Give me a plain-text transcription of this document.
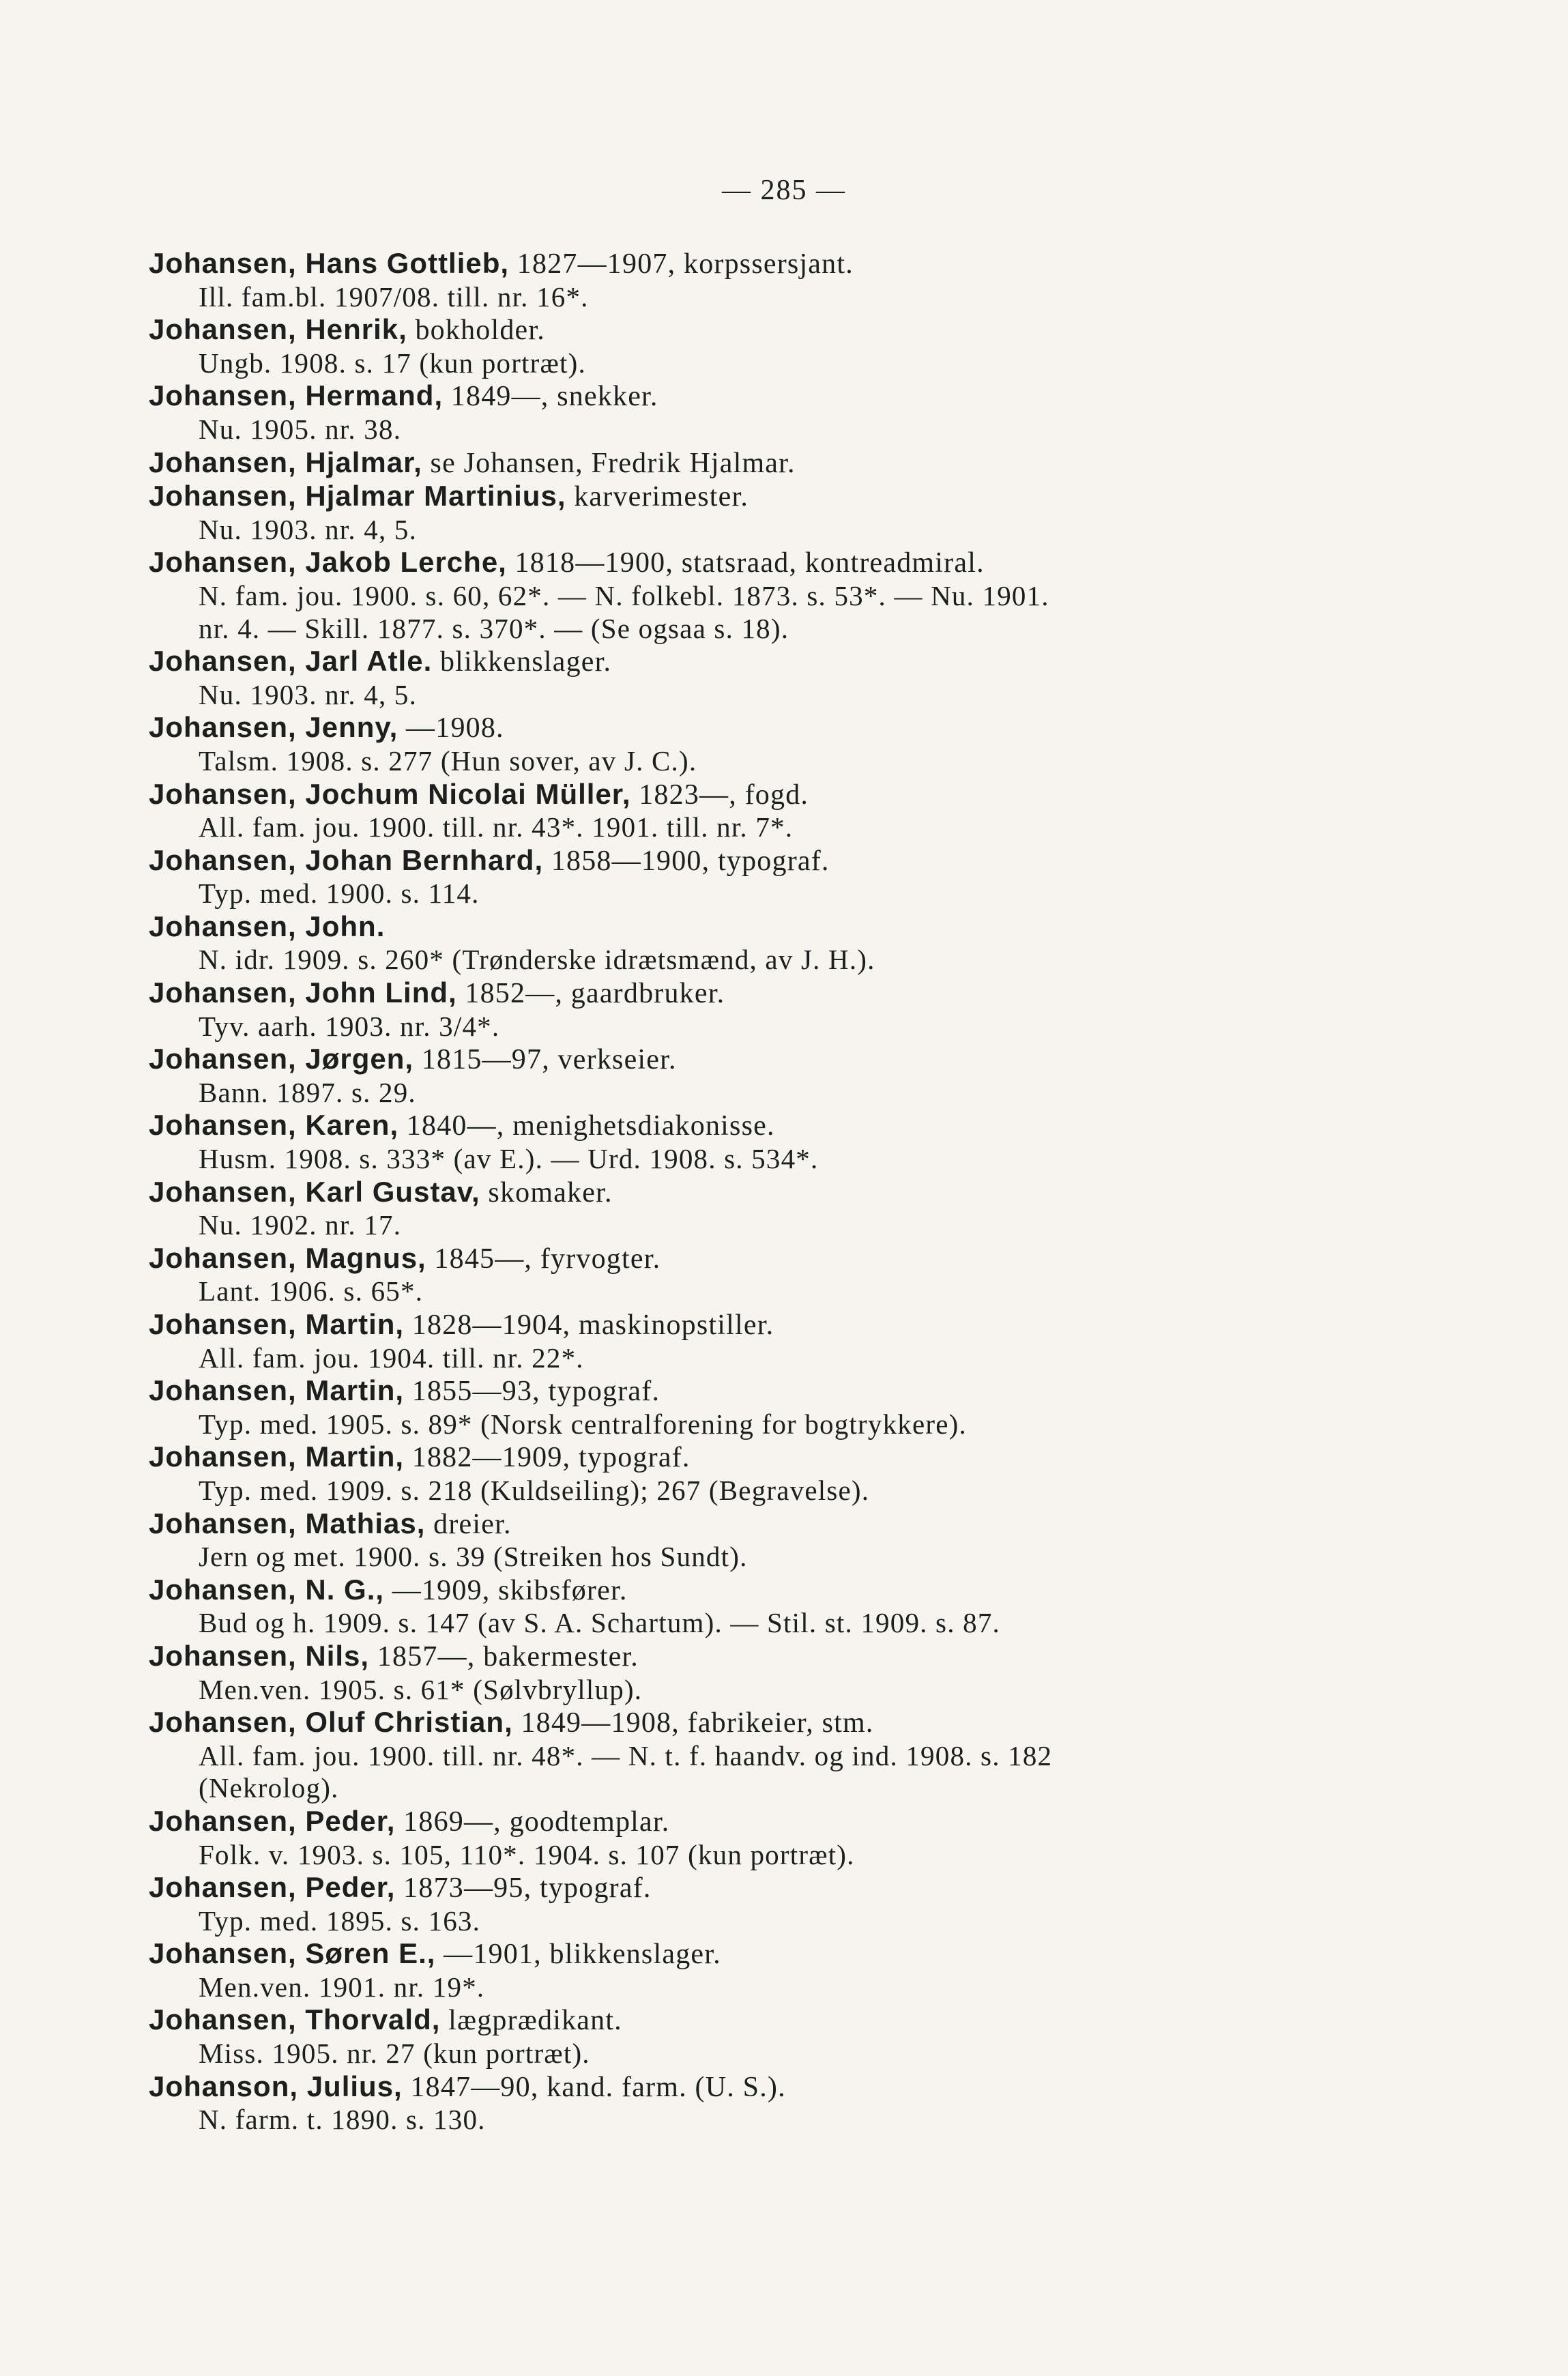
— 285 —
Johansen, Hans Gottlieb, 1827—1907, korpssersjant.
Ill. fam.bl. 1907/08. till. nr. 16*.
Johansen, Henrik, bokholder.
Ungb. 1908. s. 17 (kun portræt).
Johansen, Hermand, 1849—, snekker.
Nu. 1905. nr. 38.
Johansen, Hjalmar, se Johansen, Fredrik Hjalmar.
Johansen, Hjalmar Martinius, karverimester.
Nu. 1903. nr. 4, 5.
Johansen, Jakob Lerche, 1818—1900, statsraad, kontreadmiral.
N. fam. jou. 1900. s. 60, 62*. — N. folkebl. 1873. s. 53*. — Nu. 1901.
nr. 4. — Skill. 1877. s. 370*. — (Se ogsaa s. 18).
Johansen, Jarl Atle. blikkenslager.
Nu. 1903. nr. 4, 5.
Johansen, Jenny, —1908.
Talsm. 1908. s. 277 (Hun sover, av J. C.).
Johansen, Jochum Nicolai Müller, 1823—, fogd.
All. fam. jou. 1900. till. nr. 43*. 1901. till. nr. 7*.
Johansen, Johan Bernhard, 1858—1900, typograf.
Typ. med. 1900. s. 114.
Johansen, John.
N. idr. 1909. s. 260* (Trønderske idrætsmænd, av J. H.).
Johansen, John Lind, 1852—, gaardbruker.
Tyv. aarh. 1903. nr. 3/4*.
Johansen, Jørgen, 1815—97, verkseier.
Bann. 1897. s. 29.
Johansen, Karen, 1840—, menighetsdiakonisse.
Husm. 1908. s. 333* (av E.). — Urd. 1908. s. 534*.
Johansen, Karl Gustav, skomaker.
Nu. 1902. nr. 17.
Johansen, Magnus, 1845—, fyrvogter.
Lant. 1906. s. 65*.
Johansen, Martin, 1828—1904, maskinopstiller.
All. fam. jou. 1904. till. nr. 22*.
Johansen, Martin, 1855—93, typograf.
Typ. med. 1905. s. 89* (Norsk centralforening for bogtrykkere).
Johansen, Martin, 1882—1909, typograf.
Typ. med. 1909. s. 218 (Kuldseiling); 267 (Begravelse).
Johansen, Mathias, dreier.
Jern og met. 1900. s. 39 (Streiken hos Sundt).
Johansen, N. G., —1909, skibsfører.
Bud og h. 1909. s. 147 (av S. A. Schartum). — Stil. st. 1909. s. 87.
Johansen, Nils, 1857—, bakermester.
Men.ven. 1905. s. 61* (Sølvbryllup).
Johansen, Oluf Christian, 1849—1908, fabrikeier, stm.
All. fam. jou. 1900. till. nr. 48*. — N. t. f. haandv. og ind. 1908. s. 182
(Nekrolog).
Johansen, Peder, 1869—, goodtemplar.
Folk. v. 1903. s. 105, 110*. 1904. s. 107 (kun portræt).
Johansen, Peder, 1873—95, typograf.
Typ. med. 1895. s. 163.
Johansen, Søren E., —1901, blikkenslager.
Men.ven. 1901. nr. 19*.
Johansen, Thorvald, lægprædikant.
Miss. 1905. nr. 27 (kun portræt).
Johanson, Julius, 1847—90, kand. farm. (U. S.).
N. farm. t. 1890. s. 130.
